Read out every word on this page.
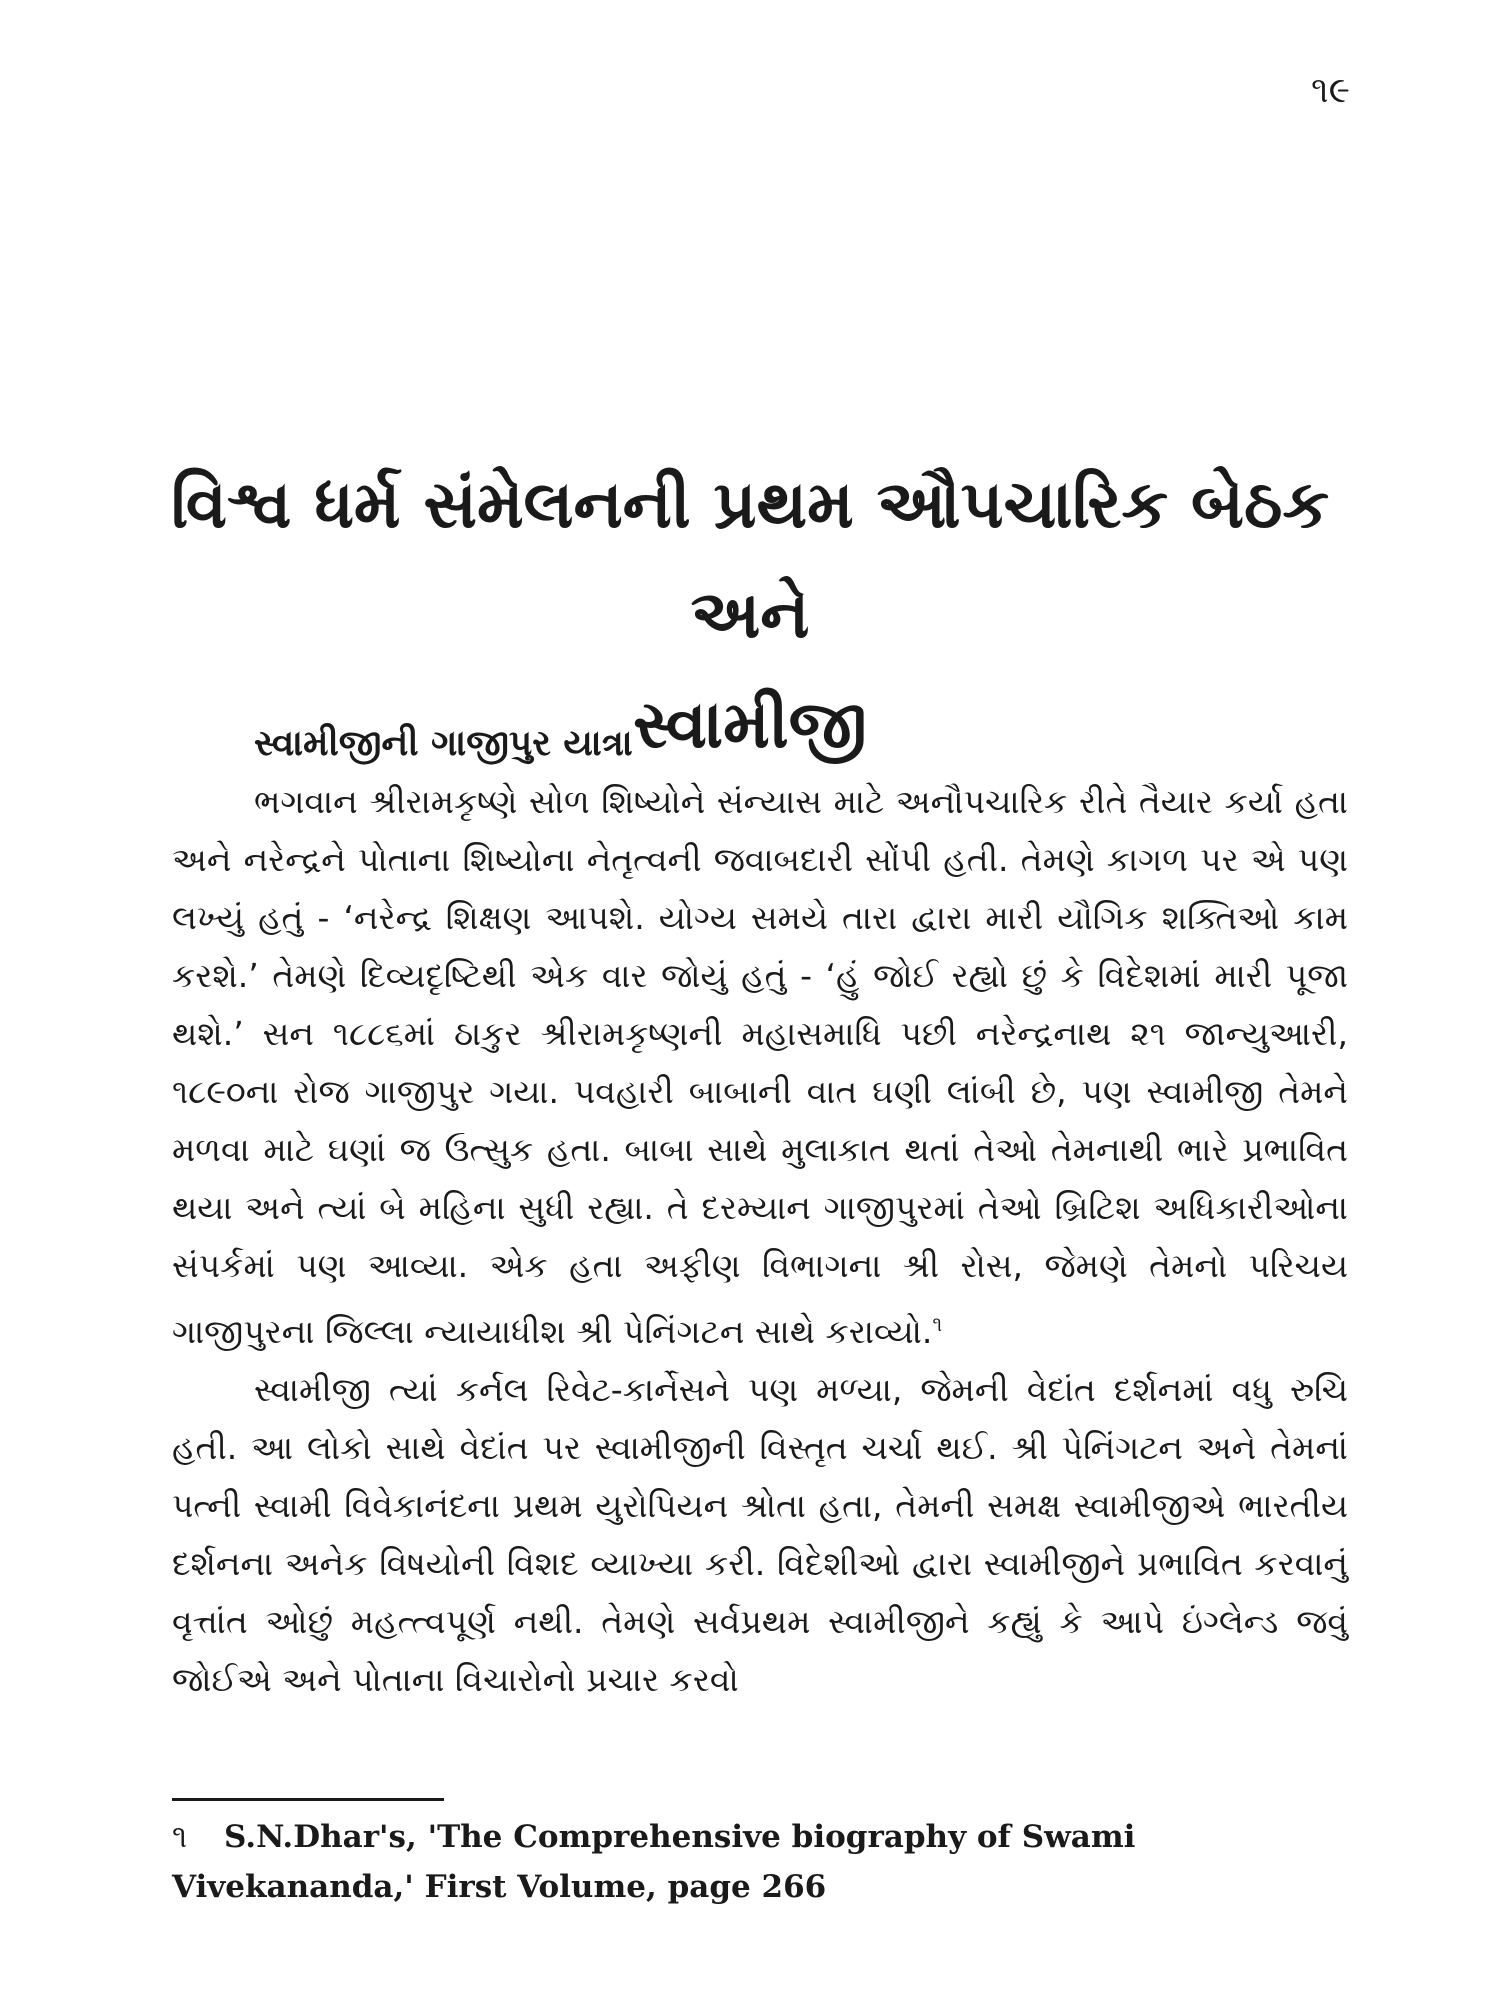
૧૯
વિશ્વ ધર્મ સંમેલનની પ્રથમ ઔપચારિક બેઠક અને
સ્વામીજી
સ્વામીજીની ગાજીપુર યાત્રા

ભગવાન શ્રીરામકૃષ્ણે સોળ શિષ્યોને સંન્યાસ માટે અનૌપચારિક રીતે તૈયાર કર્યા હતા અને નરેન્દ્રને પોતાના શિષ્યોના નેતૃત્વની જવાબદારી સોંપી હતી. તેમણે કાગળ પર એ પણ લખ્યું હતું - ‘નરેન્દ્ર શિક્ષણ આપશે. યોગ્ય સમયે તારા દ્વારા મારી યૌગિક શક્તિઓ કામ કરશે.’ તેમણે દિવ્યદૃષ્ટિથી એક વાર જોયું હતું - ‘હું જોઈ રહ્યો છું કે વિદેશમાં મારી પૂજા થશે.’ સન ૧૮૮૬માં ઠાકુર શ્રીરામકૃષ્ણની મહાસમાધિ પછી નરેન્દ્રનાથ ૨૧ જાન્યુઆરી, ૧૮૯૦ના રોજ ગાજીપુર ગયા. પવહારી બાબાની વાત ઘણી લાંબી છે, પણ સ્વામીજી તેમને મળવા માટે ઘણાં જ ઉત્સુક હતા. બાબા સાથે મુલાકાત થતાં તેઓ તેમનાથી ભારે પ્રભાવિત થયા અને ત્યાં બે મહિના સુધી રહ્યા. તે દરમ્યાન ગાજીપુરમાં તેઓ બ્રિટિશ અધિકારીઓના સંપર્કમાં પણ આવ્યા. એક હતા અફીણ વિભાગના શ્રી રોસ, જેમણે તેમનો પરિચય ગાજીપુરના જિલ્લા ન્યાયાધીશ શ્રી પેનિંગટન સાથે કરાવ્યો.$^૧$

સ્વામીજી ત્યાં કર્નલ રિવેટ-કાર્નેસને પણ મળ્યા, જેમની વેદાંત દર્શનમાં વધુ રુચિ હતી. આ લોકો સાથે વેદાંત પર સ્વામીજીની વિસ્તૃત ચર્ચા થઈ. શ્રી પેનિંગટન અને તેમનાં પત્ની સ્વામી વિવેકાનંદના પ્રથમ યુરોપિયન શ્રોતા હતા, તેમની સમક્ષ સ્વામીજીએ ભારતીય દર્શનના અનેક વિષયોની વિશદ વ્યાખ્યા કરી. વિદેશીઓ દ્વારા સ્વામીજીને પ્રભાવિત કરવાનું વૃત્તાંત ઓછું મહત્ત્વપૂર્ણ નથી. તેમણે સર્વપ્રથમ સ્વામીજીને કહ્યું કે આપે ઇંગ્લેન્ડ જવું જોઈએ અને પોતાના વિચારોનો પ્રચાર કરવો

૧ S.N.Dhar's, 'The Comprehensive biography of Swami Vivekananda,' First Volume, page 266
